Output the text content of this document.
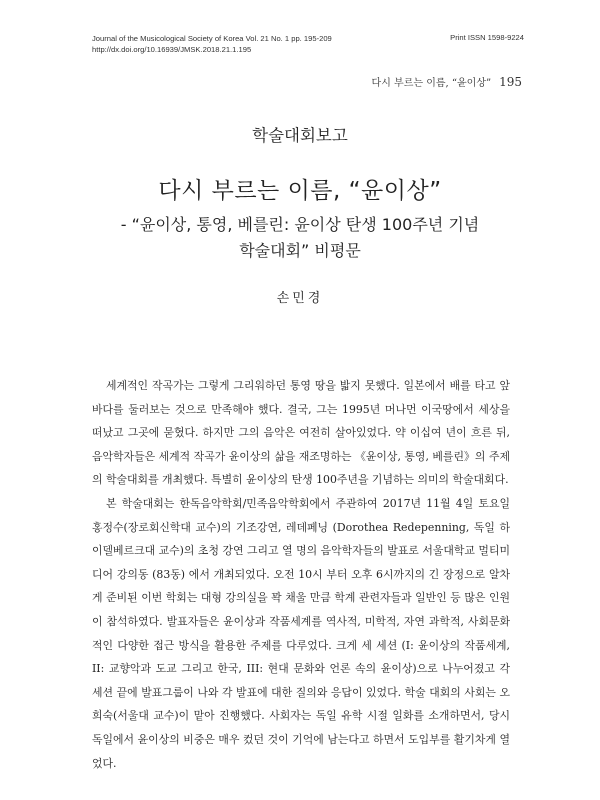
Journal of the Musicological Society of Korea Vol. 21 No. 1 pp. 195-209
http://dx.doi.org/10.16939/JMSK.2018.21.1.195
Print ISSN 1598-9224
다시 부르는 이름, “윤이상” 195
학술대회보고
다시 부르는 이름, “윤이상”
- “윤이상, 통영, 베를린: 윤이상 탄생 100주년 기념
학술대회” 비평문
손민경

세계적인 작곡가는 그렇게 그리워하던 통영 땅을 밟지 못했다. 일본에서 배를 타고 앞바다를 둘러보는 것으로 만족해야 했다. 결국, 그는 1995년 머나먼 이국땅에서 세상을 떠났고 그곳에 묻혔다. 하지만 그의 음악은 여전히 살아있었다. 약 이십여 년이 흐른 뒤, 음악학자들은 세계적 작곡가 윤이상의 삶을 재조명하는 《윤이상, 통영, 베를린》의 주제의 학술대회를 개최했다. 특별히 윤이상의 탄생 100주년을 기념하는 의미의 학술대회다.

본 학술대회는 한독음악학회/민족음악학회에서 주관하여 2017년 11월 4일 토요일 홍정수(장로회신학대 교수)의 기조강연, 레데페닝 (Dorothea Redepenning, 독일 하이델베르크대 교수)의 초청 강연 그리고 열 명의 음악학자들의 발표로 서울대학교 멀티미디어 강의동 (83동) 에서 개최되었다. 오전 10시 부터 오후 6시까지의 긴 장정으로 알차게 준비된 이번 학회는 대형 강의실을 꽉 채울 만큼 학계 관련자들과 일반인 등 많은 인원이 참석하였다. 발표자들은 윤이상과 작품세계를 역사적, 미학적, 자연 과학적, 사회문화적인 다양한 접근 방식을 활용한 주제를 다루었다. 크게 세 세션 (I: 윤이상의 작품세계, II: 교향악과 도교 그리고 한국, III: 현대 문화와 언론 속의 윤이상)으로 나누어졌고 각 세션 끝에 발표그룹이 나와 각 발표에 대한 질의와 응답이 있었다. 학술 대회의 사회는 오희숙(서울대 교수)이 맡아 진행했다. 사회자는 독일 유학 시절 일화를 소개하면서, 당시 독일에서 윤이상의 비중은 매우 컸던 것이 기억에 남는다고 하면서 도입부를 활기차게 열었다.
